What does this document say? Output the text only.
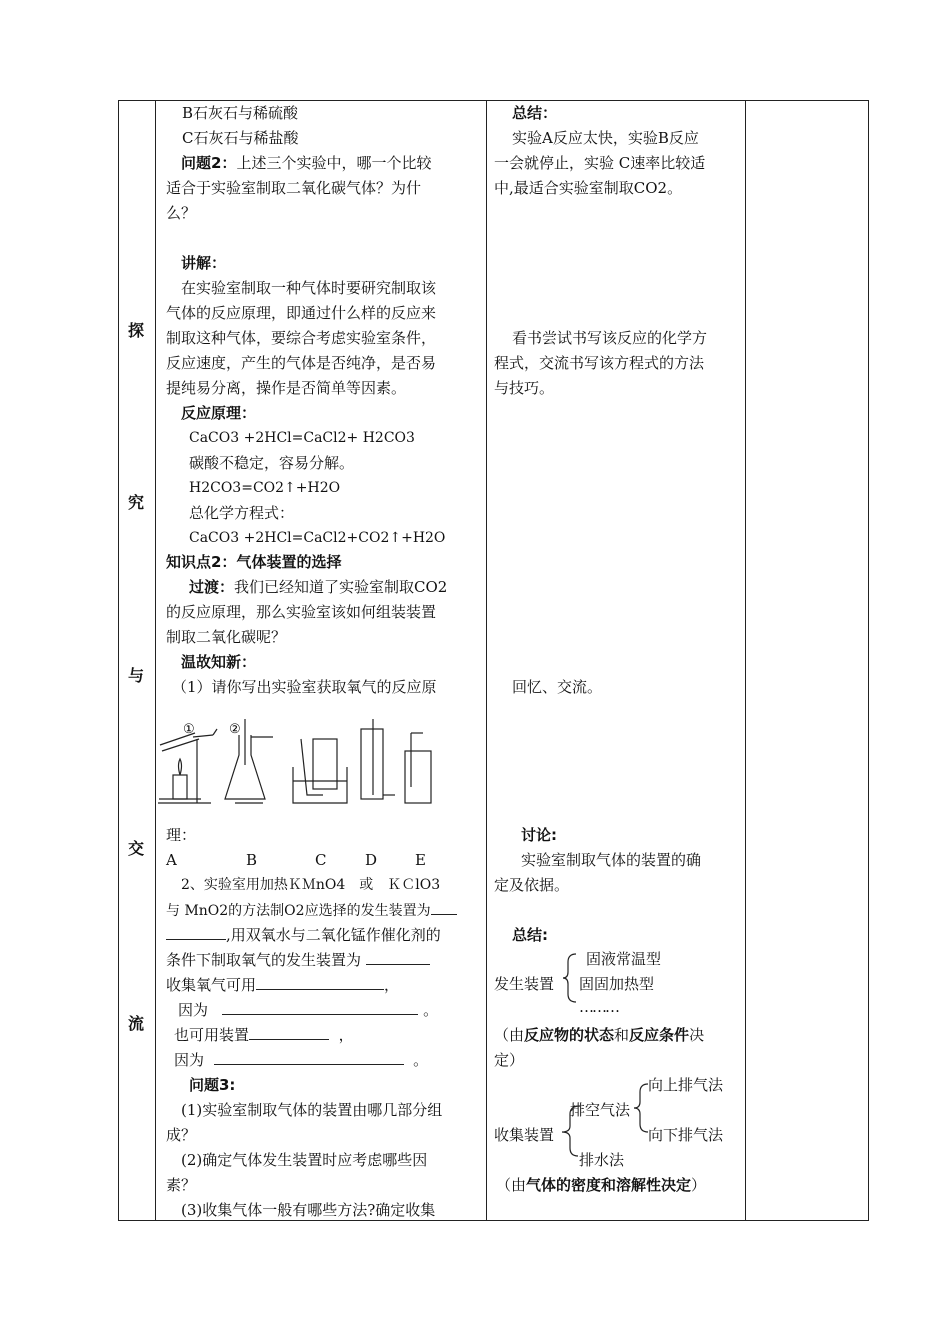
探
究
与
交
流
B石灰石与稀硫酸
C石灰石与稀盐酸
问题2：上述三个实验中，哪一个比较
适合于实验室制取二氧化碳气体？为什
么？
讲解：
在实验室制取一种气体时要研究制取该
气体的反应原理，即通过什么样的反应来
制取这种气体，要综合考虑实验室条件，
反应速度，产生的气体是否纯净，是否易
提纯易分离，操作是否简单等因素。
反应原理：
CaCO3 +2HCl=CaCl2+ H2CO3
碳酸不稳定，容易分解。
H2CO3=CO2↑+H2O
总化学方程式：
CaCO3 +2HCl=CaCl2+CO2↑+H2O
知识点2：气体装置的选择
过渡：我们已经知道了实验室制取CO2
的反应原理，那么实验室该如何组装装置
制取二氧化碳呢？
温故知新：
（1）请你写出实验室获取氧气的反应原
①	②
理：
A	B	C	D	E
2、实验室用加热ＫＭnO4　或　ＫＣlO3
与 MnO2的方法制O2应选择的发生装置为
,用双氧水与二氧化锰作催化剂的
条件下制取氧气的发生装置为
收集氧气可用	，
因为	。
也可用装置	，
因为	。
问题3:
(1)实验室制取气体的装置由哪几部分组
成？
(2)确定气体发生装置时应考虑哪些因
素？
(3)收集气体一般有哪些方法?确定收集
总结：
实验A反应太快，实验B反应
一会就停止，实验 C速率比较适
中,最适合实验室制取CO2。
看书尝试书写该反应的化学方
程式，交流书写该方程式的方法
与技巧。
回忆、交流。
讨论:
实验室制取气体的装置的确
定及依据。
总结:
固液常温型
发生装置 固固加热型
………
（由反应物的状态和反应条件决
定）
向上排气法
排空气法
收集装置	向下排气法
排水法
（由气体的密度和溶解性决定）
